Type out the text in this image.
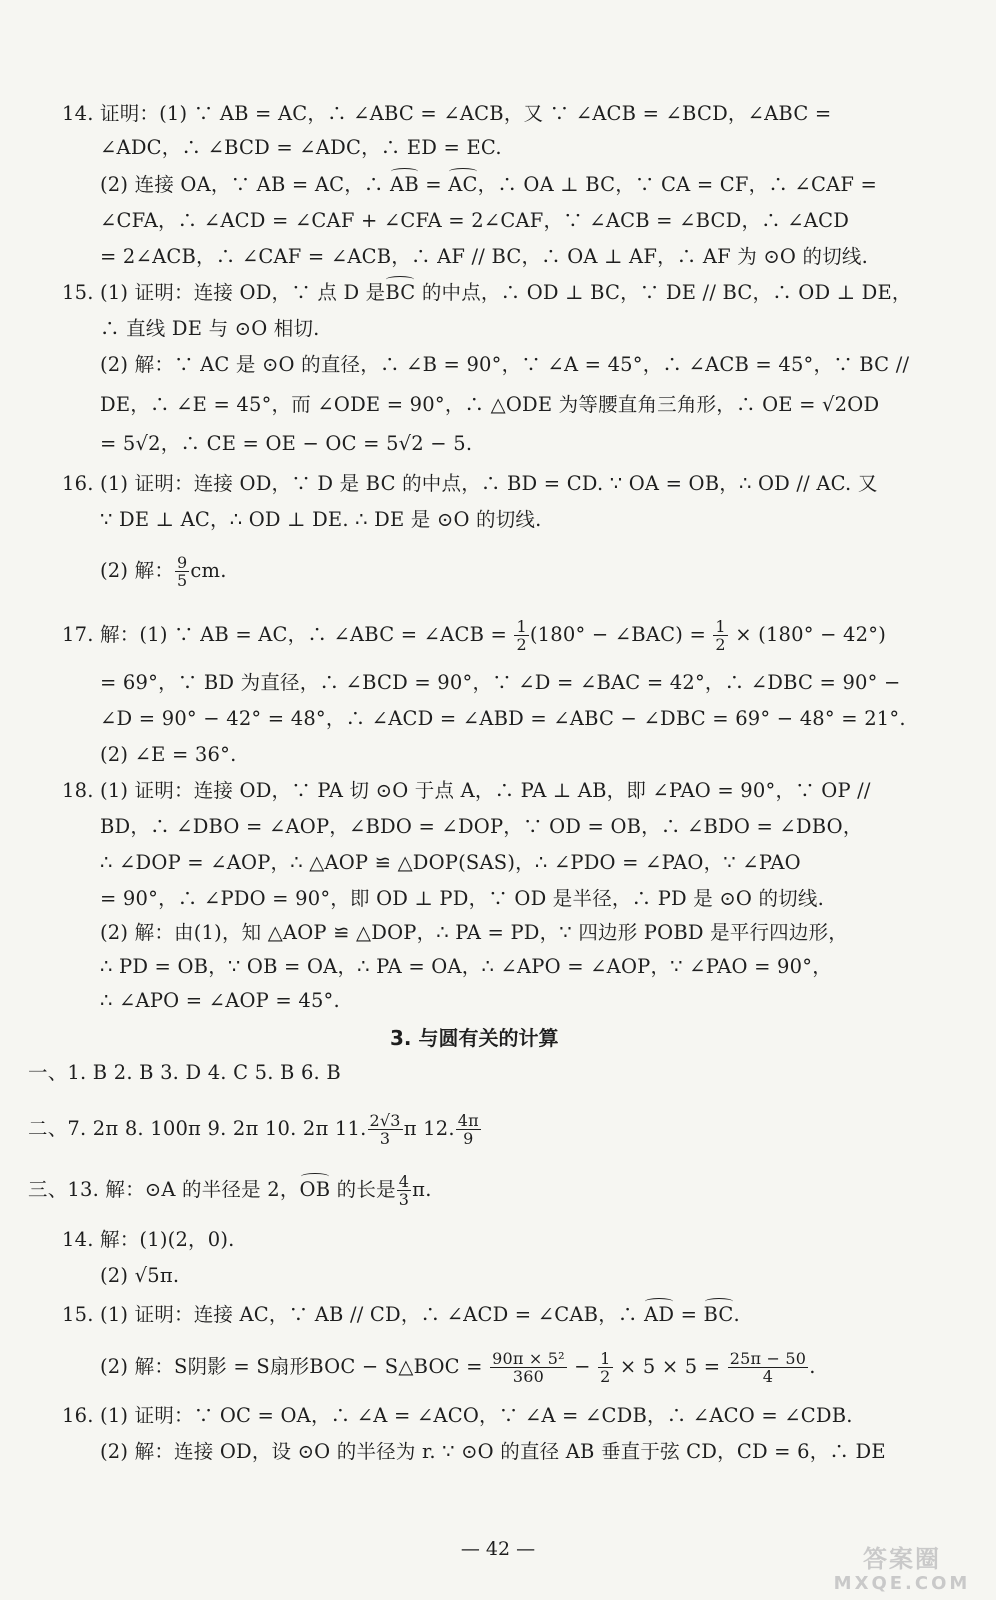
14. 证明：(1) ∵ AB = AC，∴ ∠ABC = ∠ACB，又 ∵ ∠ACB = ∠BCD，∠ABC =
∠ADC，∴ ∠BCD = ∠ADC，∴ ED = EC.
(2) 连接 OA，∵ AB = AC，∴ AB = AC，∴ OA ⊥ BC，∵ CA = CF，∴ ∠CAF =
∠CFA，∴ ∠ACD = ∠CAF + ∠CFA = 2∠CAF，∵ ∠ACB = ∠BCD，∴ ∠ACD
= 2∠ACB，∴ ∠CAF = ∠ACB，∴ AF // BC，∴ OA ⊥ AF，∴ AF 为 ⊙O 的切线.
15. (1) 证明：连接 OD，∵ 点 D 是BC 的中点，∴ OD ⊥ BC，∵ DE // BC，∴ OD ⊥ DE，
∴ 直线 DE 与 ⊙O 相切.
(2) 解：∵ AC 是 ⊙O 的直径，∴ ∠B = 90°，∵ ∠A = 45°，∴ ∠ACB = 45°，∵ BC //
DE，∴ ∠E = 45°，而 ∠ODE = 90°，∴ △ODE 为等腰直角三角形，∴ OE = √2OD
= 5√2，∴ CE = OE − OC = 5√2 − 5.
16. (1) 证明：连接 OD，∵ D 是 BC 的中点，∴ BD = CD. ∵ OA = OB，∴ OD // AC. 又
∵ DE ⊥ AC，∴ OD ⊥ DE. ∴ DE 是 ⊙O 的切线.
(2) 解： $\frac{9}{5}$ cm.
17. 解：(1) ∵ AB = AC，∴ ∠ABC = ∠ACB = $\frac{1}{2} (180^\circ$ − ∠BAC) = $\frac{1}{2} \times (180^\circ - 42^\circ)$
= 69°，∵ BD 为直径，∴ ∠BCD = 90°，∵ ∠D = ∠BAC = 42°，∴ ∠DBC = 90° −
∠D = 90° − 42° = 48°，∴ ∠ACD = ∠ABD = ∠ABC − ∠DBC = 69° − 48° = 21°.
(2) ∠E = 36°.
18. (1) 证明：连接 OD，∵ PA 切 ⊙O 于点 A，∴ PA ⊥ AB，即 ∠PAO = 90°，∵ OP //
BD，∴ ∠DBO = ∠AOP，∠BDO = ∠DOP，∵ OD = OB，∴ ∠BDO = ∠DBO，
∴ ∠DOP = ∠AOP，∴ △AOP ≌ △DOP(SAS)，∴ ∠PDO = ∠PAO，∵ ∠PAO
= 90°，∴ ∠PDO = 90°，即 OD ⊥ PD，∵ OD 是半径，∴ PD 是 ⊙O 的切线.
(2) 解：由(1)，知 △AOP ≌ △DOP，∴ PA = PD，∵ 四边形 POBD 是平行四边形，
∴ PD = OB，∵ OB = OA，∴ PA = OA，∴ ∠APO = ∠AOP，∵ ∠PAO = 90°，
∴ ∠APO = ∠AOP = 45°.
3. 与圆有关的计算
一、1. B 2. B 3. D 4. C 5. B 6. B
二、7. 2π 8. 100π 9. 2π 10. 2π 11. $\frac{2√3}{3}$ π 12. $\frac{4\pi}{9}$
三、13. 解：⊙A 的半径是 2，OB 的长是 $\frac{4}{3} \pi$.
14. 解：(1)(2，0).
(2) √5π.
15. (1) 证明：连接 AC，∵ AB // CD，∴ ∠ACD = ∠CAB，∴ AD = BC.
(2) 解：S阴影 = S扇形BOC − S△BOC = $\frac{\text{90π × 5²}}{360} - \frac{1}{2} \times 5 \times 5 = \frac{25\pi - 50}{4}$ .
16. (1) 证明：∵ OC = OA，∴ ∠A = ∠ACO，∵ ∠A = ∠CDB，∴ ∠ACO = ∠CDB.
(2) 解：连接 OD，设 ⊙O 的半径为 r. ∵ ⊙O 的直径 AB 垂直于弦 CD，CD = 6，∴ DE
— 42 —	答案圈
MXQE.COM
